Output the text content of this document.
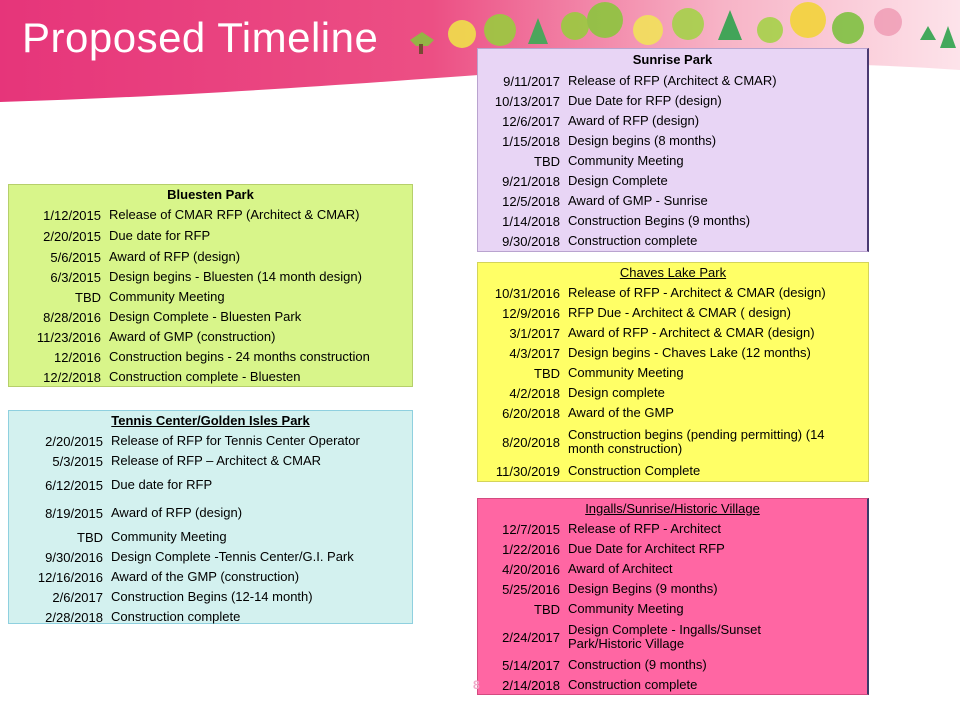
Proposed Timeline	Sunrise Park
9/11/2017 Release of RFP (Architect & CMAR)
10/13/2017 Due Date for RFP (design)
12/6/2017 Award of RFP (design)
1/15/2018 Design begins (8 months)
TBD Community Meeting
9/21/2018 Design Complete
12/5/2018 Award of GMP - Sunrise
1/14/2018 Construction Begins (9 months)
9/30/2018 Construction complete
Bluesten Park
1/12/2015 Release of CMAR RFP (Architect & CMAR)
2/20/2015 Due date for RFP
5/6/2015 Award of RFP (design)
6/3/2015 Design begins - Bluesten (14 month design)
TBD Community Meeting
8/28/2016 Design Complete - Bluesten Park
11/23/2016 Award of GMP (construction)
12/2016 Construction begins - 24 months construction
12/2/2018 Construction complete - Bluesten
Tennis Center/Golden Isles Park
2/20/2015 Release of RFP for Tennis Center Operator
5/3/2015 Release of RFP – Architect & CMAR
6/12/2015 Due date for RFP
8/19/2015 Award of RFP (design)
TBD Community Meeting
9/30/2016 Design Complete -Tennis Center/G.I. Park
12/16/2016 Award of the GMP (construction)
2/6/2017 Construction Begins (12-14 month)
2/28/2018 Construction complete
Chaves Lake Park
10/31/2016 Release of RFP - Architect & CMAR (design)
12/9/2016 RFP Due - Architect & CMAR ( design)
3/1/2017 Award of RFP - Architect & CMAR (design)
4/3/2017 Design begins - Chaves Lake (12 months)
TBD Community Meeting
4/2/2018 Design complete
6/20/2018 Award of the GMP
8/20/2018 Construction begins (pending permitting) (14 month construction)
11/30/2019 Construction Complete
Ingalls/Sunrise/Historic Village
12/7/2015 Release of RFP - Architect
1/22/2016 Due Date for Architect RFP
4/20/2016 Award of Architect
5/25/2016 Design Begins (9 months)
TBD Community Meeting
2/24/2017 Design Complete - Ingalls/Sunset Park/Historic Village
5/14/2017 Construction (9 months)
2/14/2018 Construction complete
8
